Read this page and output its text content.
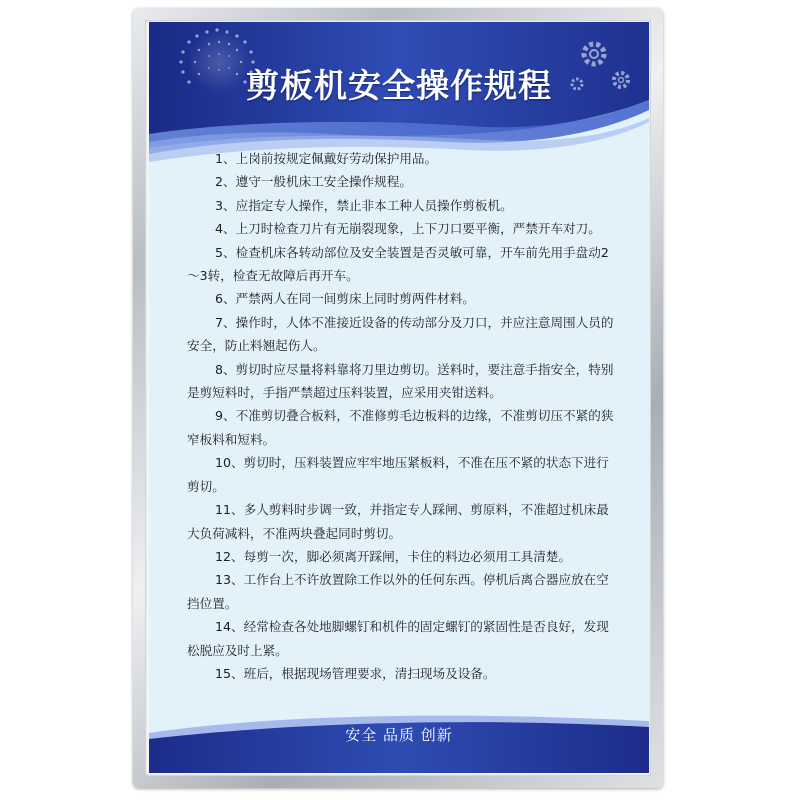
剪板机安全操作规程

1、上岗前按规定佩戴好劳动保护用品。

2、遵守一般机床工安全操作规程。

3、应指定专人操作，禁止非本工种人员操作剪板机。

4、上刀时检查刀片有无崩裂现象，上下刀口要平衡，严禁开车对刀。

5、检查机床各转动部位及安全装置是否灵敏可靠，开车前先用手盘动2～3转，检查无故障后再开车。

6、严禁两人在同一间剪床上同时剪两件材料。

7、操作时，人体不准接近设备的传动部分及刀口，并应注意周围人员的安全，防止料翘起伤人。

8、剪切时应尽量将料靠将刀里边剪切。送料时，要注意手指安全，特别是剪短料时，手指严禁超过压料装置，应采用夹钳送料。

9、不准剪切叠合板料，不准修剪毛边板料的边缘，不准剪切压不紧的狭窄板料和短料。

10、剪切时，压料装置应牢牢地压紧板料，不准在压不紧的状态下进行剪切。

11、多人剪料时步调一致，并指定专人踩闸、剪原料，不准超过机床最大负荷减料，不准两块叠起同时剪切。

12、每剪一次，脚必须离开踩闸，卡住的料边必须用工具清楚。

13、工作台上不许放置除工作以外的任何东西。停机后离合器应放在空挡位置。

14、经常检查各处地脚螺钉和机件的固定螺钉的紧固性是否良好，发现松脱应及时上紧。

15、班后，根据现场管理要求，清扫现场及设备。

安全 品质 创新
